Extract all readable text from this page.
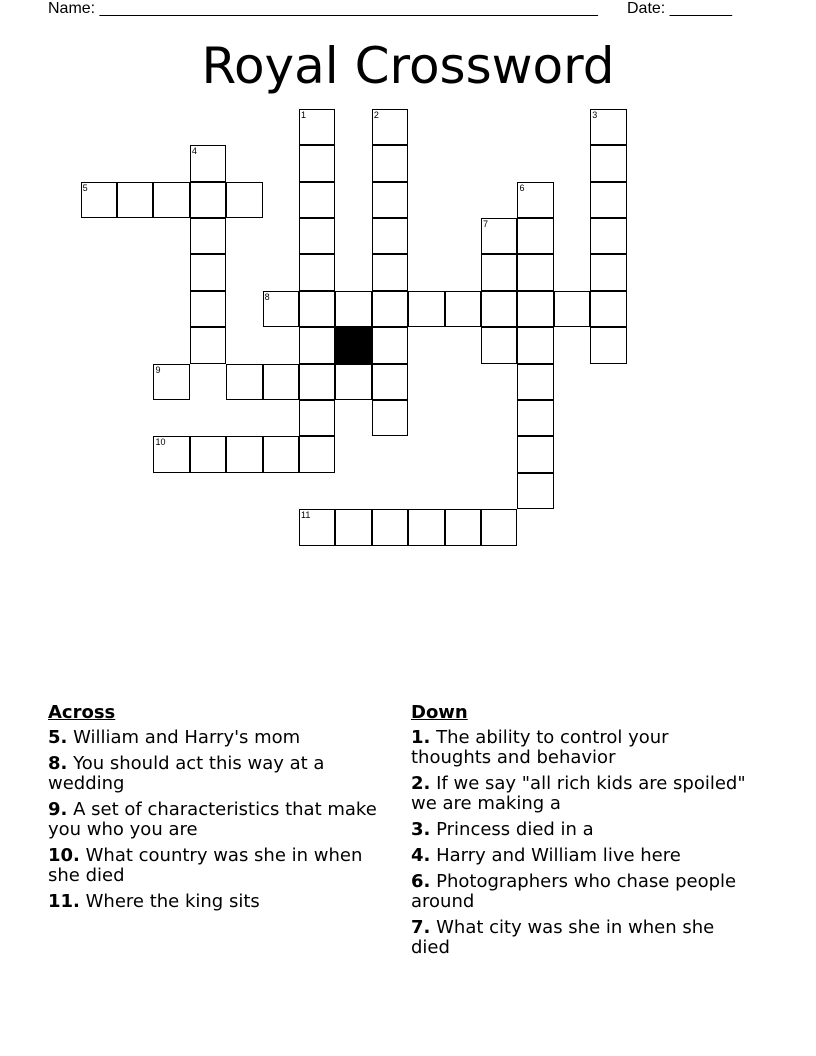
Name: ________________________________________________________ Date: _______
Royal Crossword
1	2	3
4
5	6
7
8
9
10
11
Across
5. William and Harry's mom
8. You should act this way at a wedding
9. A set of characteristics that make you who you are
10. What country was she in when she died
11. Where the king sits
Down
1. The ability to control your thoughts and behavior
2. If we say "all rich kids are spoiled" we are making a
3. Princess died in a
4. Harry and William live here
6. Photographers who chase people around
7. What city was she in when she died
